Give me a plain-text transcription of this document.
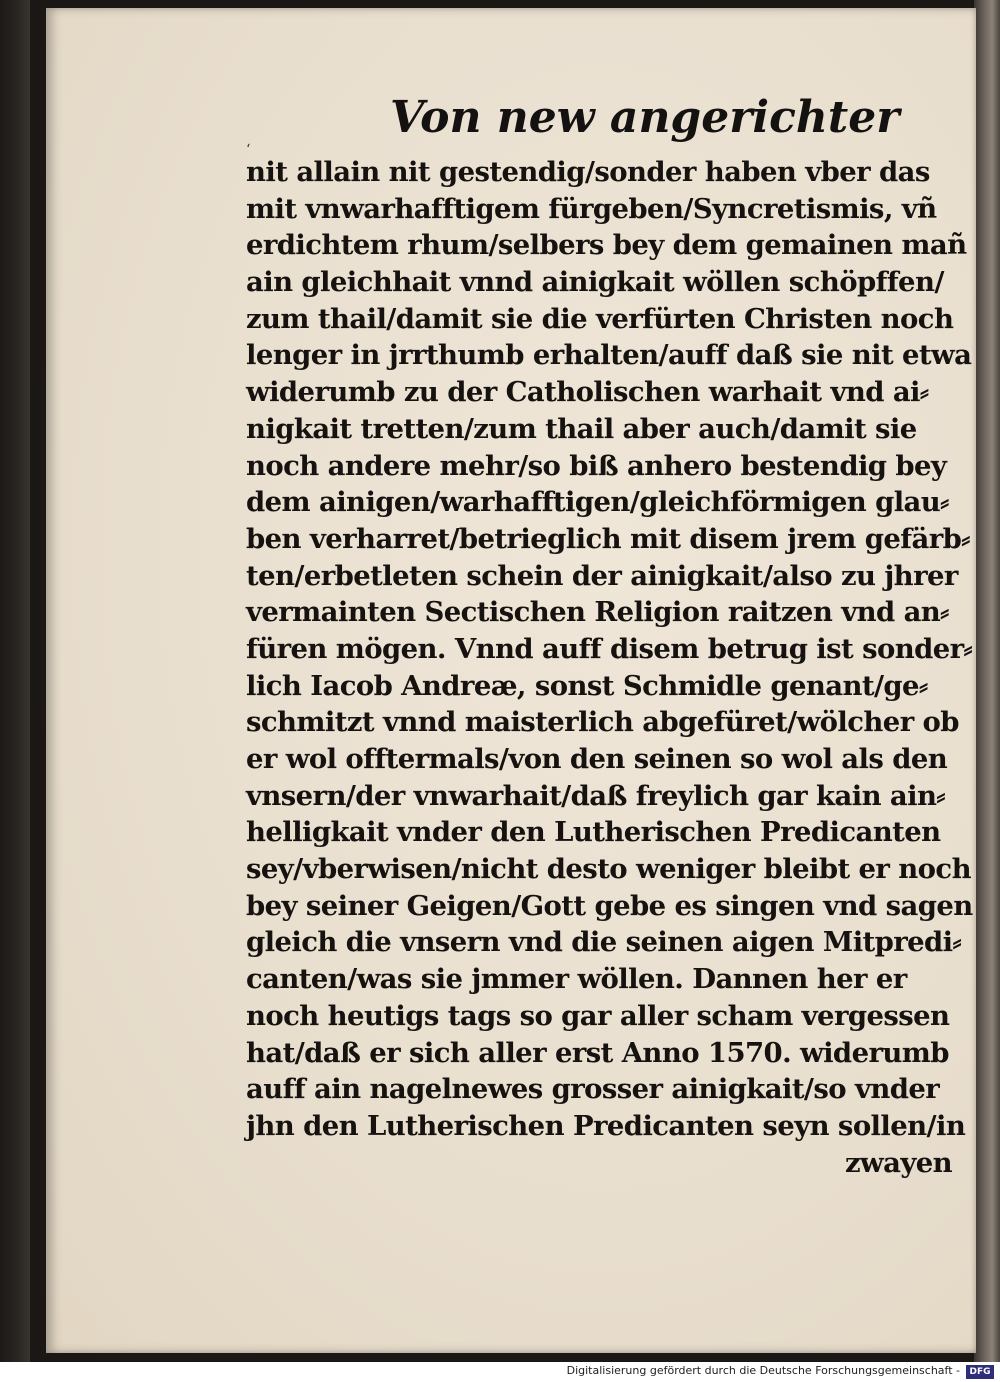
Von new angerichter
ʻ
nit allain nit gestendig/sonder haben vber das
mit vnwarhafftigem fürgeben/Syncretismis, vñ
erdichtem rhum/selbers bey dem gemainen mañ
ain gleichhait vnnd ainigkait wöllen schöpffen/
zum thail/damit sie die verfürten Christen noch
lenger in jrrthumb erhalten/auff daß sie nit etwa
widerumb zu der Catholischen warhait vnd ai⸗
nigkait tretten/zum thail aber auch/damit sie
noch andere mehr/so biß anhero bestendig bey
dem ainigen/warhafftigen/gleichförmigen glau⸗
ben verharret/betrieglich mit disem jrem gefärb⸗
ten/erbetleten schein der ainigkait/also zu jhrer
vermainten Sectischen Religion raitzen vnd an⸗
füren mögen. Vnnd auff disem betrug ist sonder⸗
lich Iacob Andreæ, sonst Schmidle genant/ge⸗
schmitzt vnnd maisterlich abgefüret/wölcher ob
er wol offtermals/von den seinen so wol als den
vnsern/der vnwarhait/daß freylich gar kain ain⸗
helligkait vnder den Lutherischen Predicanten
sey/vberwisen/nicht desto weniger bleibt er noch
bey seiner Geigen/Gott gebe es singen vnd sagen
gleich die vnsern vnd die seinen aigen Mitpredi⸗
canten/was sie jmmer wöllen. Dannen her er
noch heutigs tags so gar aller scham vergessen
hat/daß er sich aller erst Anno 1570. widerumb
auff ain nagelnewes grosser ainigkait/so vnder
jhn den Lutherischen Predicanten seyn sollen/in
zwayen
Digitalisierung gefördert durch die Deutsche Forschungsgemeinschaft -	DFG
